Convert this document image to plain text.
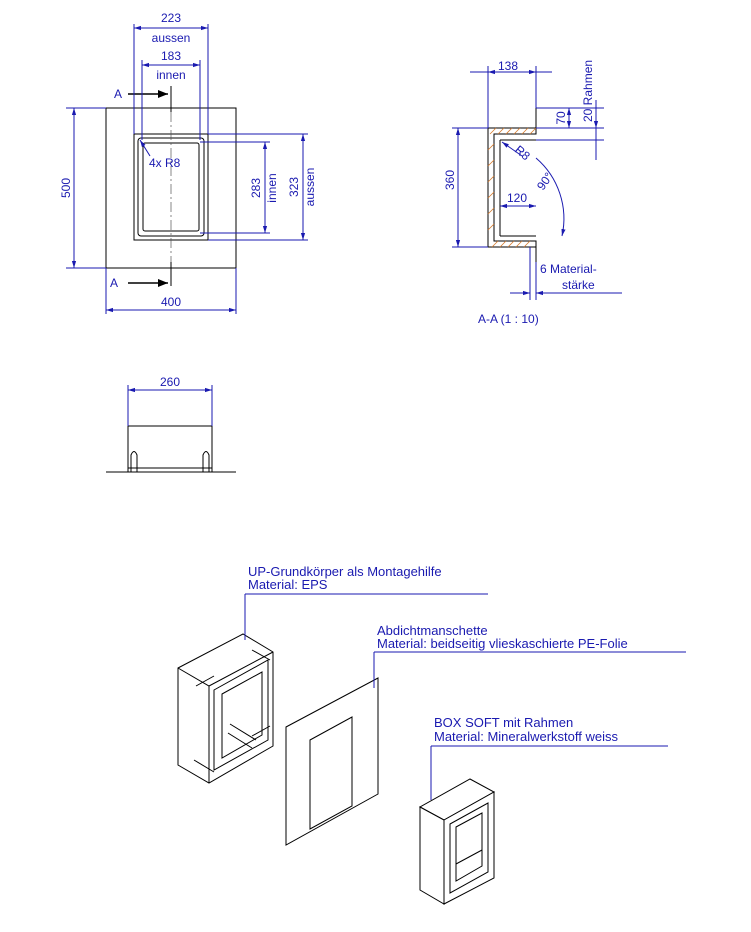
A
A
223
aussen
183
innen
500
400
283 innen 323 aussen
4x R8
138
70 20 Rahmen
360
R8
120
90°
6 Material-
stärke
A-A (1 : 10)
260
UP-Grundkörper als Montagehilfe
Material: EPS
Abdichtmanschette
Material: beidseitig vlieskaschierte PE-Folie
BOX SOFT mit Rahmen
Material: Mineralwerkstoff weiss
